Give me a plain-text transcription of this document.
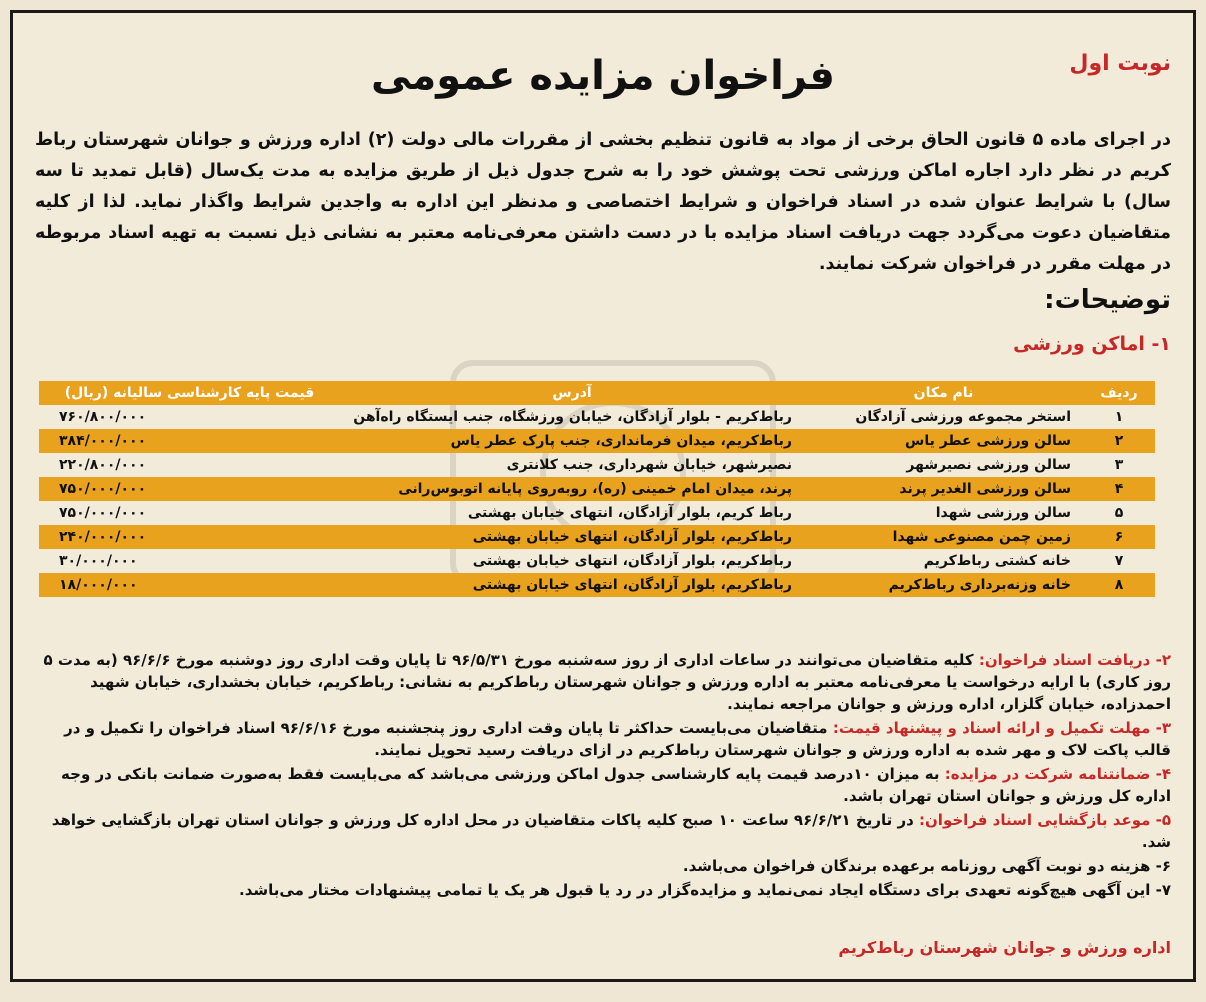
نوبت اول
فراخوان مزایده عمومی
در اجرای ماده ۵ قانون الحاق برخی از مواد به قانون تنظیم بخشی از مقررات مالی دولت (۲) اداره ورزش و جوانان شهرستان رباط کریم در نظر دارد اجاره اماکن ورزشی تحت پوشش خود را به شرح جدول ذیل از طریق مزایده به مدت یک‌سال (قابل تمدید تا سه سال) با شرایط عنوان شده در اسناد فراخوان و شرایط اختصاصی و مدنظر این اداره به واجدین شرایط واگذار نماید. لذا از کلیه متقاضیان دعوت می‌گردد جهت دریافت اسناد مزایده با در دست داشتن معرفی‌نامه معتبر به نشانی ذیل نسبت به تهیه اسناد مربوطه در مهلت مقرر در فراخوان شرکت نمایند.
توضیحات:
۱- اماکن ورزشی
ردیف	نام مکان	آدرس	قیمت پایه کارشناسی سالیانه (ریال)
۱	استخر مجموعه ورزشی آزادگان	رباط‌کریم - بلوار آزادگان، خیابان ورزشگاه، جنب ایستگاه راه‌آهن	۷۶۰/۸۰۰/۰۰۰
۲	سالن ورزشی عطر یاس	رباط‌کریم، میدان فرمانداری، جنب پارک عطر یاس	۳۸۴/۰۰۰/۰۰۰
۳	سالن ورزشی نصیرشهر	نصیرشهر، خیابان شهرداری، جنب کلانتری	۲۲۰/۸۰۰/۰۰۰
۴	سالن ورزشی الغدیر پرند	پرند، میدان امام خمینی (ره)، روبه‌روی پایانه اتوبوس‌رانی	۷۵۰/۰۰۰/۰۰۰
۵	سالن ورزشی شهدا	رباط کریم، بلوار آزادگان، انتهای خیابان بهشتی	۷۵۰/۰۰۰/۰۰۰
۶	زمین چمن مصنوعی شهدا	رباط‌کریم، بلوار آزادگان، انتهای خیابان بهشتی	۲۴۰/۰۰۰/۰۰۰
۷	خانه کشتی رباط‌کریم	رباط‌کریم، بلوار آزادگان، انتهای خیابان بهشتی	۳۰/۰۰۰/۰۰۰
۸	خانه وزنه‌برداری رباط‌کریم	رباط‌کریم، بلوار آزادگان، انتهای خیابان بهشتی	۱۸/۰۰۰/۰۰۰

۲- دریافت اسناد فراخوان: کلیه متقاضیان می‌توانند در ساعات اداری از روز سه‌شنبه مورخ ۹۶/۵/۳۱ تا پایان وقت اداری روز دوشنبه مورخ ۹۶/۶/۶ (به مدت ۵ روز کاری) با ارایه درخواست یا معرفی‌نامه معتبر به اداره ورزش و جوانان شهرستان رباط‌کریم به نشانی: رباط‌کریم، خیابان بخشداری، خیابان شهید احمدزاده، خیابان گلزار، اداره ورزش و جوانان مراجعه نمایند.

۳- مهلت تکمیل و ارائه اسناد و پیشنهاد قیمت: متقاضیان می‌بایست حداکثر تا پایان وقت اداری روز پنجشنبه مورخ ۹۶/۶/۱۶ اسناد فراخوان را تکمیل و در قالب پاکت لاک و مهر شده به اداره ورزش و جوانان شهرستان رباط‌کریم در ازای دریافت رسید تحویل نمایند.

۴- ضمانتنامه شرکت در مزایده: به میزان ۱۰درصد قیمت پایه کارشناسی جدول اماکن ورزشی می‌باشد که می‌بایست فقط به‌صورت ضمانت بانکی در وجه اداره کل ورزش و جوانان استان تهران باشد.

۵- موعد بازگشایی اسناد فراخوان: در تاریخ ۹۶/۶/۲۱ ساعت ۱۰ صبح کلیه پاکات متقاضیان در محل اداره کل ورزش و جوانان استان تهران بازگشایی خواهد شد.

۶- هزینه دو نوبت آگهی روزنامه برعهده برندگان فراخوان می‌باشد.

۷- این آگهی هیچ‌گونه تعهدی برای دستگاه ایجاد نمی‌نماید و مزایده‌گزار در رد یا قبول هر یک یا تمامی پیشنهادات مختار می‌باشد.

اداره ورزش و جوانان شهرستان رباط‌کریم
